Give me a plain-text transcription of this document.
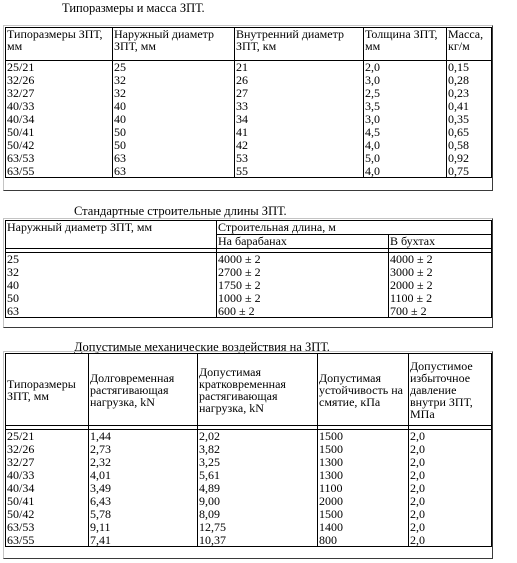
Типоразмеры и масса ЗПТ.
Типоразмеры ЗПТ, мм	Наружный диаметр ЗПТ, мм	Внутренний диаметр ЗПТ, км	Толщина ЗПТ, мм	Масса, кг/м
25/21	25	21	2,0	0,15
32/26	32	26	3,0	0,28
32/27	32	27	2,5	0,23
40/33	40	33	3,5	0,41
40/34	40	34	3,0	0,35
50/41	50	41	4,5	0,65
50/42	50	42	4,0	0,58
63/53	63	53	5,0	0,92
63/55	63	55	4,0	0,75
Стандартные строительные длины ЗПТ.
Наружный диаметр ЗПТ, мм	Строительная длина, м	
	На барабанах	В бухтах

25	4000 ± 2	4000 ± 2
32	2700 ± 2	3000 ± 2
40	1750 ± 2	2000 ± 2
50	1000 ± 2	1100 ± 2
63	600 ± 2	700 ± 2
Допустимые механические воздействия на ЗПТ.
Типоразмеры ЗПТ, мм	Долговременная растягивающая нагрузка, kN	Допустимая кратковременная растягивающая нагрузка, kN	Допустимая устойчивость на смятие, кПа	Допустимое избыточное давление внутри ЗПТ, МПа

25/21	1,44	2,02	1500	2,0
32/26	2,73	3,82	1500	2,0
32/27	2,32	3,25	1300	2,0
40/33	4,01	5,61	1300	2,0
40/34	3,49	4,89	1100	2,0
50/41	6,43	9,00	2000	2,0
50/42	5,78	8,09	1500	2,0
63/53	9,11	12,75	1400	2,0
63/55	7,41	10,37	800	2,0
